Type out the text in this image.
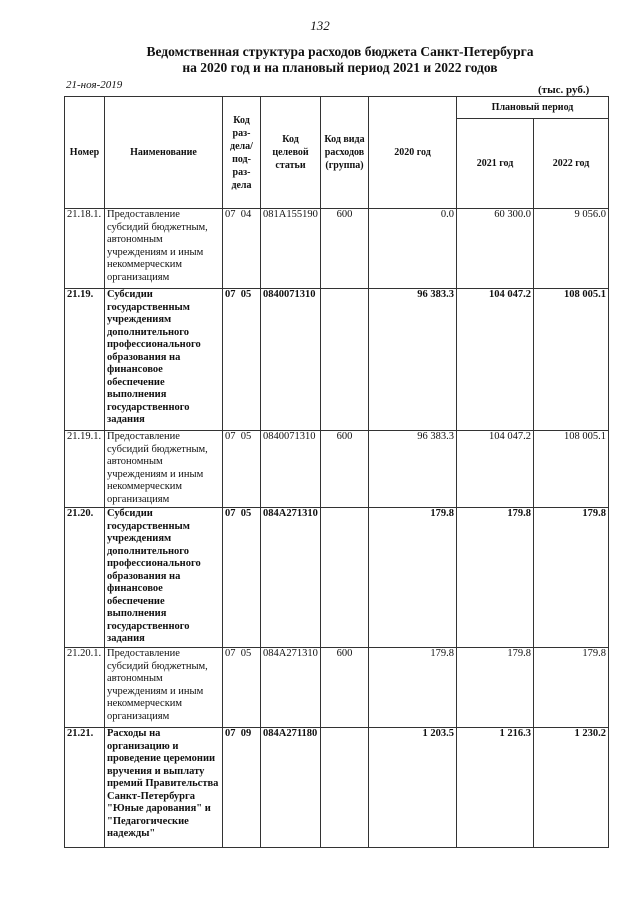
132
Ведомственная структура расходов бюджета Санкт-Петербурга
на 2020 год и на плановый период 2021 и 2022 годов
21-ноя-2019	(тыс. руб.)
Номер	Наименование	Код раз- дела/ под- раз- дела	Код целевой статьи	Код вида расходов (группа)	2020 год	Плановый период	
						2021 год	2022 год
21.18.1.	Предоставление субсидий бюджетным, автономным учреждениям и иным некоммерческим организациям	07 04	081A155190	600	0.0	60 300.0	9 056.0
21.19.	Субсидии государственным учреждениям дополнительного профессионального образования на финансовое обеспечение выполнения государственного задания	07 05	0840071310		96 383.3	104 047.2	108 005.1
21.19.1.	Предоставление субсидий бюджетным, автономным учреждениям и иным некоммерческим организациям	07 05	0840071310	600	96 383.3	104 047.2	108 005.1
21.20.	Субсидии государственным учреждениям дополнительного профессионального образования на финансовое обеспечение выполнения государственного задания	07 05	084A271310		179.8	179.8	179.8
21.20.1.	Предоставление субсидий бюджетным, автономным учреждениям и иным некоммерческим организациям	07 05	084A271310	600	179.8	179.8	179.8
21.21.	Расходы на организацию и проведение церемонии вручения и выплату премий Правительства Санкт-Петербурга "Юные дарования" и "Педагогические надежды"	07 09	084A271180		1 203.5	1 216.3	1 230.2
